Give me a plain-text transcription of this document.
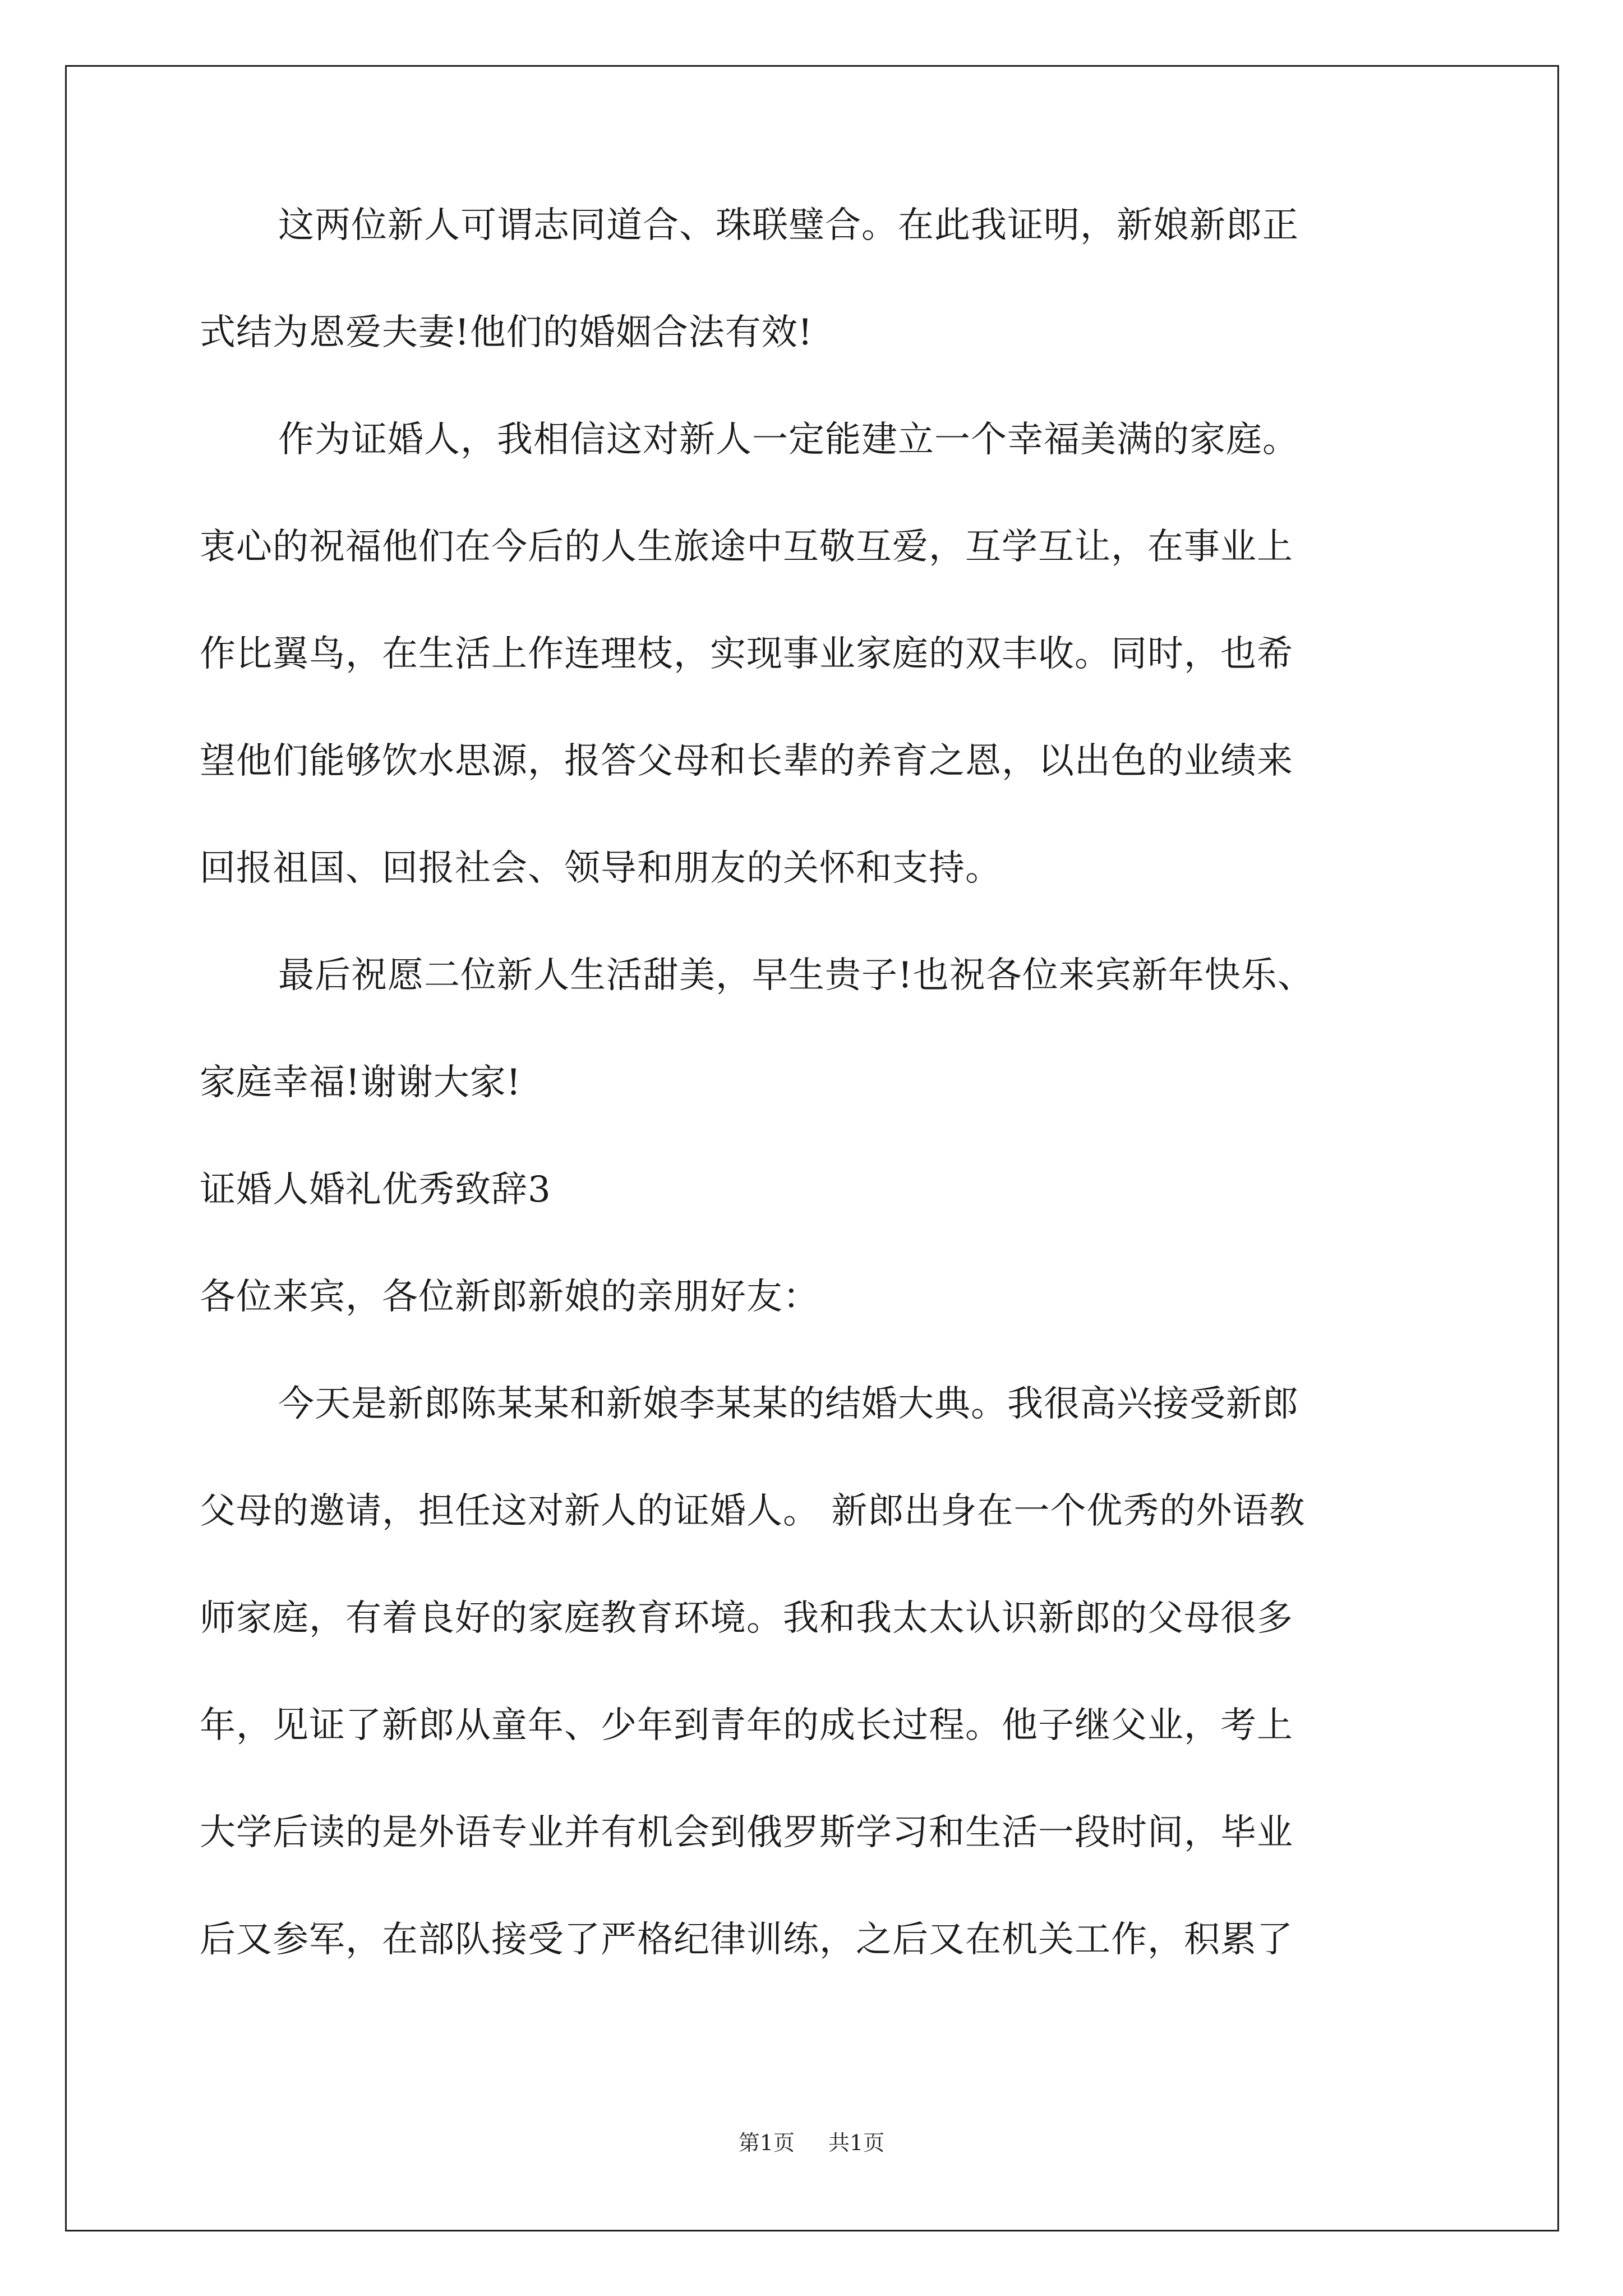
这两位新人可谓志同道合、珠联璧合。在此我证明，新娘新郎正
式结为恩爱夫妻!他们的婚姻合法有效!
作为证婚人，我相信这对新人一定能建立一个幸福美满的家庭。
衷心的祝福他们在今后的人生旅途中互敬互爱，互学互让，在事业上
作比翼鸟，在生活上作连理枝，实现事业家庭的双丰收。同时，也希
望他们能够饮水思源，报答父母和长辈的养育之恩，以出色的业绩来
回报祖国、回报社会、领导和朋友的关怀和支持。
最后祝愿二位新人生活甜美，早生贵子!也祝各位来宾新年快乐、
家庭幸福!谢谢大家!
证婚人婚礼优秀致辞3
各位来宾，各位新郎新娘的亲朋好友：
今天是新郎陈某某和新娘李某某的结婚大典。我很高兴接受新郎
父母的邀请，担任这对新人的证婚人。 新郎出身在一个优秀的外语教
师家庭，有着良好的家庭教育环境。我和我太太认识新郎的父母很多
年，见证了新郎从童年、少年到青年的成长过程。他子继父业，考上
大学后读的是外语专业并有机会到俄罗斯学习和生活一段时间，毕业
后又参军，在部队接受了严格纪律训练，之后又在机关工作，积累了
第1页 共1页
